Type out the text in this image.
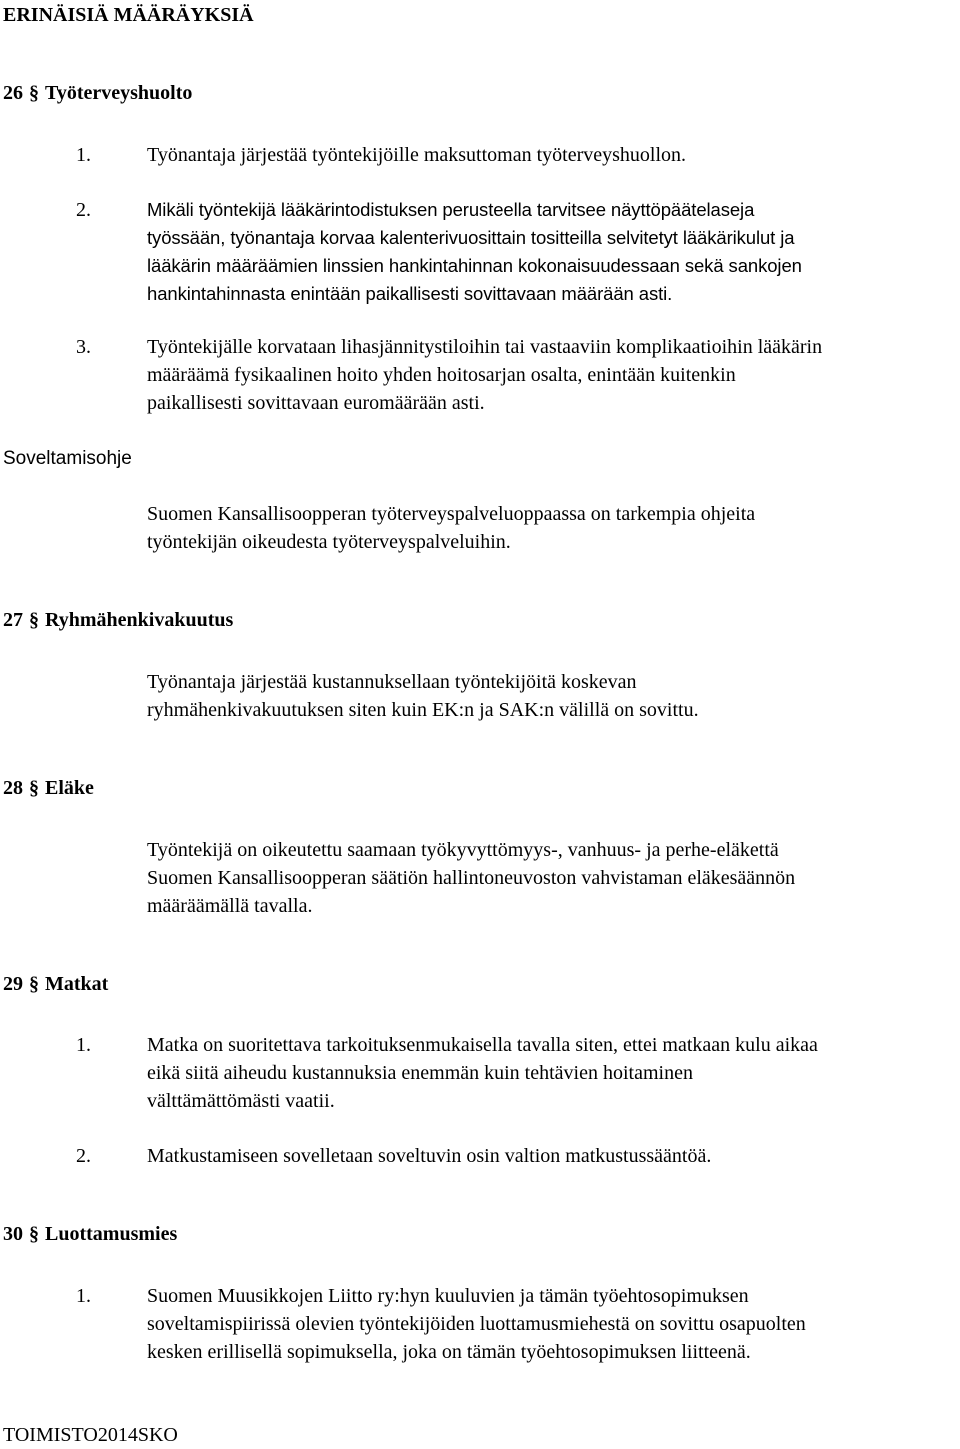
ERINÄISIÄ MÄÄRÄYKSIÄ
26 § Työterveyshuolto
1.	Työnantaja järjestää työntekijöille maksuttoman työterveyshuollon.
2.	Mikäli työntekijä lääkärintodistuksen perusteella tarvitsee näyttöpäätelaseja
työssään, työnantaja korvaa kalenterivuosittain tositteilla selvitetyt lääkärikulut ja
lääkärin määräämien linssien hankintahinnan kokonaisuudessaan sekä sankojen
hankintahinnasta enintään paikallisesti sovittavaan määrään asti.
3.	Työntekijälle korvataan lihasjännitystiloihin tai vastaaviin komplikaatioihin lääkärin
määräämä fysikaalinen hoito yhden hoitosarjan osalta, enintään kuitenkin
paikallisesti sovittavaan euromäärään asti.
Soveltamisohje
Suomen Kansallisoopperan työterveyspalveluoppaassa on tarkempia ohjeita
työntekijän oikeudesta työterveyspalveluihin.
27 § Ryhmähenkivakuutus
Työnantaja järjestää kustannuksellaan työntekijöitä koskevan
ryhmähenkivakuutuksen siten kuin EK:n ja SAK:n välillä on sovittu.
28 § Eläke
Työntekijä on oikeutettu saamaan työkyvyttömyys-, vanhuus- ja perhe-eläkettä
Suomen Kansallisoopperan säätiön hallintoneuvoston vahvistaman eläkesäännön
määräämällä tavalla.
29 § Matkat
1.	Matka on suoritettava tarkoituksenmukaisella tavalla siten, ettei matkaan kulu aikaa
eikä siitä aiheudu kustannuksia enemmän kuin tehtävien hoitaminen
välttämättömästi vaatii.
2.	Matkustamiseen sovelletaan soveltuvin osin valtion matkustussääntöä.
30 § Luottamusmies
1.	Suomen Muusikkojen Liitto ry:hyn kuuluvien ja tämän työehtosopimuksen
soveltamispiirissä olevien työntekijöiden luottamusmiehestä on sovittu osapuolten
kesken erillisellä sopimuksella, joka on tämän työehtosopimuksen liitteenä.
TOIMISTO2014SKO
